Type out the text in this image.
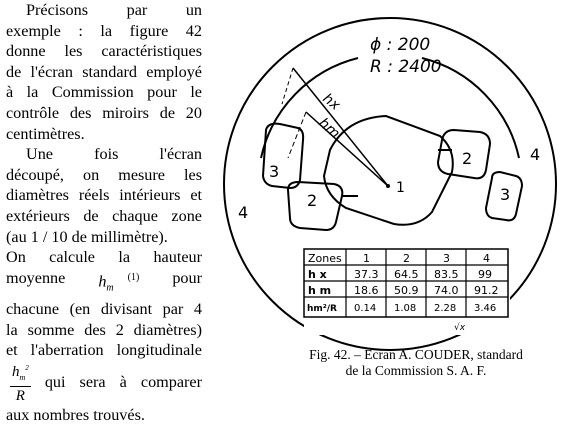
Précisons par un

exemple : la figure 42

donne les caractéristiques

de l'écran standard employé

à la Commission pour le

contrôle des miroirs de 20

centimètres.

Une	fois	l'écran

découpé, on mesure les

diamètres réels intérieurs et

extérieurs de chaque zone

(au 1 / 10 de millimètre).

On calcule la hauteur

moyenne $h_m^{(1)}$ pour

chacune (en divisant par 4

la somme des 2 diamètres)

et l'aberration longitudinale

$\frac{h_m^2}{R}$ qui sera à comparer

aux nombres trouvés.

ϕ : 200
R : 2400
hx
hm
1
2
2
3
3
4
4
Zones 1	2	3	4
h x 37.3 64.5 83.5 99
h m 18.6 50.9 74.0 91.2
hm²/R 0.14 1.08 2.28 3.46
√x
Fig. 42. – Ecran A. COUDER, standard
de la Commission S. A. F.
